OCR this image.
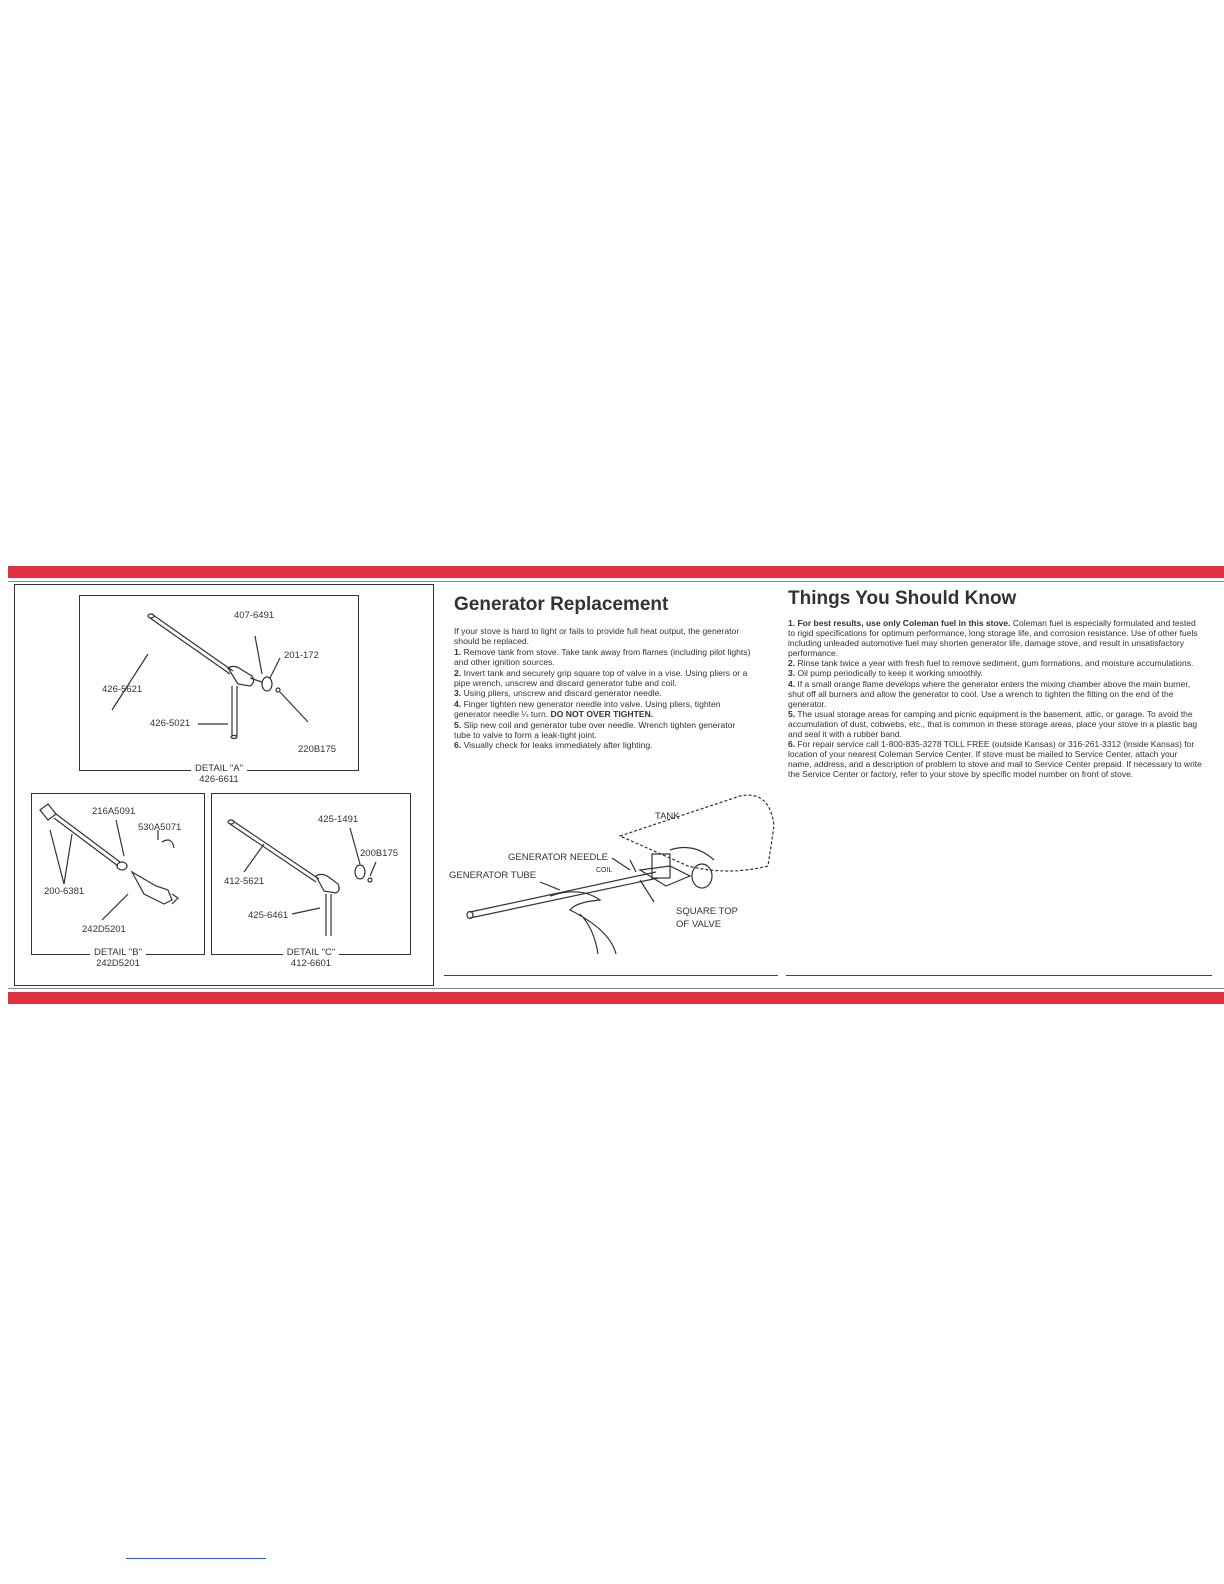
407-6491
201-172
426-5621
426-5021
220B175
DETAIL "A"
426-6611
216A5091
530A5071
200-6381
242D5201
DETAIL "B"
242D5201
425-1491
200B175
412-5621
425-6461
DETAIL "C"
412-6601
Generator Replacement

If your stove is hard to light or fails to provide full heat output, the generator should be replaced.

1. Remove tank from stove. Take tank away from flames (including pilot lights) and other ignition sources.

2. Invert tank and securely grip square top of valve in a vise. Using pliers or a pipe wrench, unscrew and discard generator tube and coil.

3. Using pliers, unscrew and discard generator needle.

4. Finger tighten new generator needle into valve. Using pliers, tighten generator needle ¼ turn. DO NOT OVER TIGHTEN.

5. Slip new coil and generator tube over needle. Wrench tighten generator tube to valve to form a leak-tight joint.

6. Visually check for leaks immediately after lighting.

TANK
GENERATOR NEEDLE
COIL
GENERATOR TUBE
SQUARE TOP
OF VALVE
Things You Should Know

1. For best results, use only Coleman fuel in this stove. Coleman fuel is especially formulated and tested to rigid specifications for optimum performance, long storage life, and corrosion resistance. Use of other fuels including unleaded automotive fuel may shorten generator life, damage stove, and result in unsatisfactory performance.

2. Rinse tank twice a year with fresh fuel to remove sediment, gum formations, and moisture accumulations.

3. Oil pump periodically to keep it working smoothly.

4. If a small orange flame develops where the generator enters the mixing chamber above the main burner, shut off all burners and allow the generator to cool. Use a wrench to tighten the fitting on the end of the generator.

5. The usual storage areas for camping and picnic equipment is the basement, attic, or garage. To avoid the accumulation of dust, cobwebs, etc., that is common in these storage areas, place your stove in a plastic bag and seal it with a rubber band.

6. For repair service call 1-800-835-3278 TOLL FREE (outside Kansas) or 316-261-3312 (inside Kansas) for location of your nearest Coleman Service Center. If stove must be mailed to Service Center, attach your name, address, and a description of problem to stove and mail to Service Center prepaid. If necessary to write the Service Center or factory, refer to your stove by specific model number on front of stove.
